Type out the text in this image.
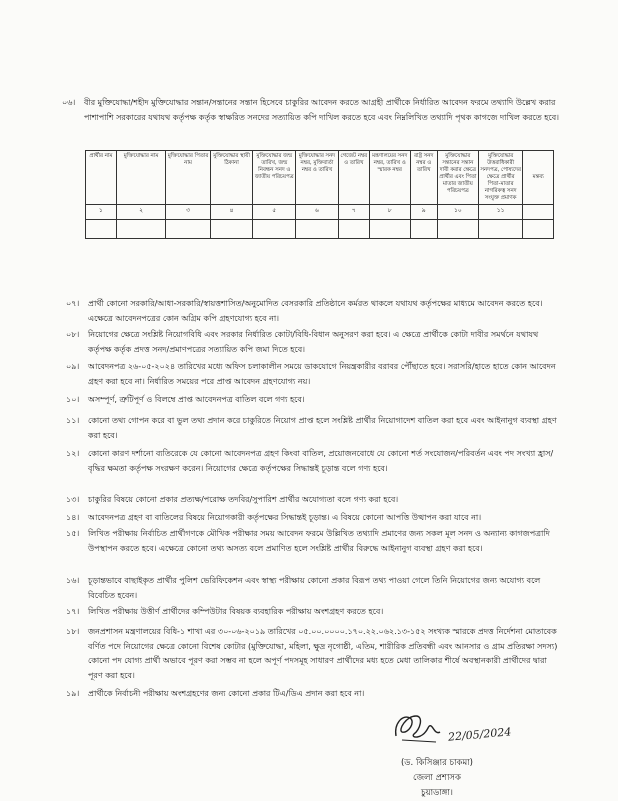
০৬। বীর মুক্তিযোদ্ধা/শহীদ মুক্তিযোদ্ধার সন্তান/সন্তানের সন্তান হিসেবে চাকুরির আবেদন করতে আগ্রহী প্রার্থীকে নির্ধারিত আবেদন ফরমে তথ্যাদি উল্লেখ করার পাশাপাশি সরকারের যথাযথ কর্তৃপক্ষ কর্তৃক স্বাক্ষরিত সনদের সত্যায়িত কপি দাখিল করতে হবে এবং নিম্নলিখিত তথ্যাদি পৃথক কাগজে দাখিল করতে হবে।
প্রার্থীর নাম	মুক্তিযোদ্ধার নাম	মুক্তিযোদ্ধার পিতার নাম	মুক্তিযোদ্ধার স্থায়ী ঠিকানা	মুক্তিযোদ্ধার জন্ম তারিখ, জন্ম নিবন্ধন সনদ ও জাতীয় পরিচয়পত্র	মুক্তিযোদ্ধার সনদ নম্বর, মুক্তিবার্তা নম্বর ও তারিখ	গেজেট নম্বর ও তারিখ	মন্ত্রণালয়ের সনদ নম্বর, তারিখ ও স্মারক নম্বর	রাষ্ট্র সনদ নম্বর ও তারিখ	মুক্তিযোদ্ধার সন্তানের সন্তান দাবী করার ক্ষেত্রে প্রার্থীর এবং পিতা মাতার জাতীয় পরিচয়পত্র	মুক্তিযোদ্ধার উত্তরাধিকারী সনদপত্র, পোষ্যদের ক্ষেত্রে প্রার্থীর পিতা-মাতার নাগরিকত্ব সনদ সংযুক্ত প্রমাণক	মন্তব্য
১	২	৩	৪	৫	৬	৭	৮	৯	১০	১১	

০৭। প্রার্থী কোনো সরকারি/আধা-সরকারি/স্বায়ত্তশাসিত/অনুমোদিত বেসরকারি প্রতিষ্ঠানে কর্মরত থাকলে যথাযথ কর্তৃপক্ষের মাধ্যমে আবেদন করতে হবে। এক্ষেত্রে আবেদনপত্রের কোন অগ্রিম কপি গ্রহণযোগ্য হবে না।
০৮। নিয়োগের ক্ষেত্রে সংশ্লিষ্ট নিয়োগবিধি এবং সরকার নির্ধারিত কোটা/বিধি-বিধান অনুসরণ করা হবে। এ ক্ষেত্রে প্রার্থীকে কোটা দাবীর সমর্থনে যথাযথ কর্তৃপক্ষ কর্তৃক প্রদত্ত সনদ/প্রমাণপত্রের সত্যায়িত কপি জমা দিতে হবে।
০৯। আবেদনপত্র ২৬-০৫-২০২৪ তারিখের মধ্যে অফিস চলাকালীন সময়ে ডাকযোগে নিয়ন্ত্রকারীর বরাবর পৌঁছাতে হবে। সরাসরি/হাতে হাতে কোন আবেদন গ্রহণ করা হবে না। নির্ধারিত সময়ের পরে প্রাপ্ত আবেদন গ্রহণযোগ্য নয়।
১০। অসম্পূর্ণ, ত্রুটিপূর্ণ ও বিলম্বে প্রাপ্ত আবেদনপত্র বাতিল বলে গণ্য হবে।
১১। কোনো তথ্য গোপন করে বা ভুল তথ্য প্রদান করে চাকুরিতে নিয়োগ প্রাপ্ত হলে সংশ্লিষ্ট প্রার্থীর নিয়োগাদেশ বাতিল করা হবে এবং আইনানুগ ব্যবস্থা গ্রহণ করা হবে।
১২। কোনো কারণ দর্শানো ব্যতিরেকে যে কোনো আবেদনপত্র গ্রহণ কিংবা বাতিল, প্রয়োজনবোধে যে কোনো শর্ত সংযোজন/পরিবর্তন এবং পদ সংখ্যা হ্রাস/বৃদ্ধির ক্ষমতা কর্তৃপক্ষ সংরক্ষণ করেন। নিয়োগের ক্ষেত্রে কর্তৃপক্ষের সিদ্ধান্তই চূড়ান্ত বলে গণ্য হবে।
১৩। চাকুরির বিষয়ে কোনো প্রকার প্রত্যক্ষ/পরোক্ষ তদবির/সুপারিশ প্রার্থীর অযোগ্যতা বলে গণ্য করা হবে।
১৪। আবেদনপত্র গ্রহণ বা বাতিলের বিষয়ে নিয়োগকারী কর্তৃপক্ষের সিদ্ধান্তই চূড়ান্ত। এ বিষয়ে কোনো আপত্তি উত্থাপন করা যাবে না।
১৫। লিখিত পরীক্ষায় নির্বাচিত প্রার্থীগণকে মৌখিক পরীক্ষার সময় আবেদন ফরমে উল্লিখিত তথ্যাদি প্রমাণের জন্য সকল মূল সনদ ও অন্যান্য কাগজপত্রাদি উপস্থাপন করতে হবে। এক্ষেত্রে কোনো তথ্য অসত্য বলে প্রমাণিত হলে সংশ্লিষ্ট প্রার্থীর বিরুদ্ধে আইনানুগ ব্যবস্থা গ্রহণ করা হবে।
১৬। চূড়ান্তভাবে বাছাইকৃত প্রার্থীর পুলিশ ভেরিফিকেশন এবং স্বাস্থ্য পরীক্ষায় কোনো প্রকার বিরূপ তথ্য পাওয়া গেলে তিনি নিয়োগের জন্য অযোগ্য বলে বিবেচিত হবেন।
১৭। লিখিত পরীক্ষায় উত্তীর্ণ প্রার্থীদের কম্পিউটার বিষয়ক ব্যবহারিক পরীক্ষায় অংশগ্রহণ করতে হবে।
১৮। জনপ্রশাসন মন্ত্রণালয়ের বিধি-১ শাখা এর ৩০-০৬-২০১৯ তারিখের ০৫.০০.০০০০.১৭০.২২.০৬২.১৩-১৫২ সংখ্যক স্মারকে প্রদত্ত নির্দেশনা মোতাবেক বর্ণিত পদে নিয়োগের ক্ষেত্রে কোনো বিশেষ কোটার (মুক্তিযোদ্ধা, মহিলা, ক্ষুদ্র নৃগোষ্ঠী, এতিম, শারীরিক প্রতিবন্ধী এবং আনসার ও গ্রাম প্রতিরক্ষা সদস্য) কোনো পদ যোগ্য প্রার্থী অভাবে পূরণ করা সম্ভব না হলে অপূর্ণ পদসমূহ সাধারণ প্রার্থীদের মধ্য হতে মেধা তালিকার শীর্ষে অবস্থানকারী প্রার্থীদের দ্বারা পূরণ করা হবে।
১৯। প্রার্থীকে নির্বাচনী পরীক্ষায় অংশগ্রহণের জন্য কোনো প্রকার টিএ/ডিএ প্রদান করা হবে না।
22/05/2024
(ড. কিসিঞ্জার চাকমা)
জেলা প্রশাসক
চুয়াডাঙ্গা।
